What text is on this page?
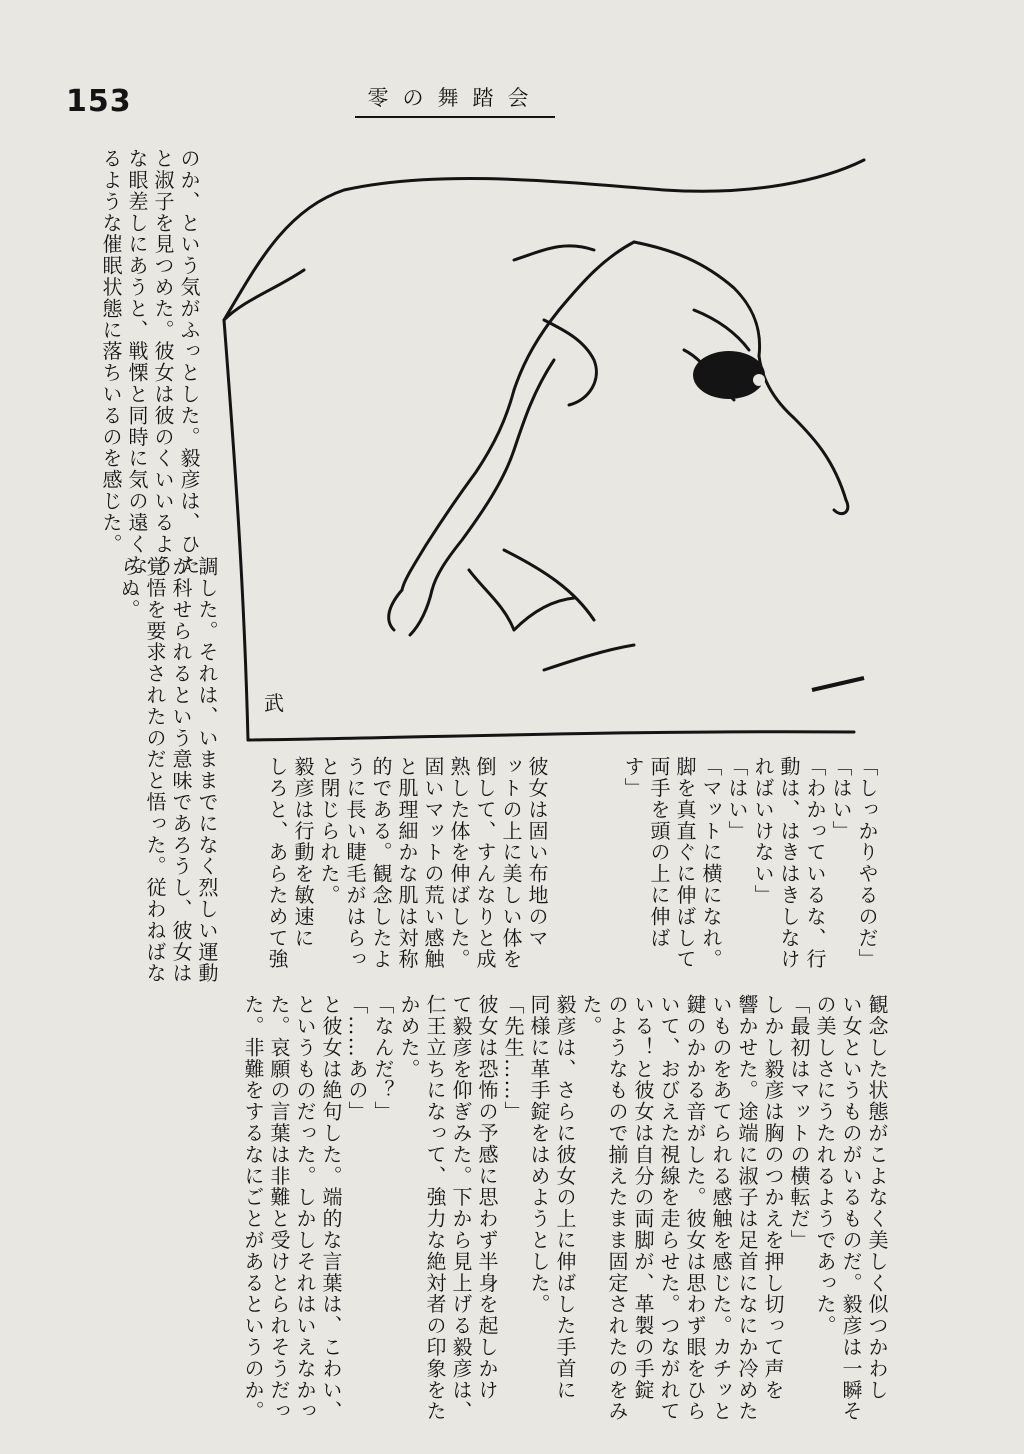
153	零の舞踏会

のか、という気がふっとした。毅彦は、ひた

と淑子を見つめた。彼女は彼のくいいるよう

な眼差しにあうと、戦慄と同時に気の遠くな

るような催眠状態に落ちいるのを感じた。

武

「しっかりやるのだ」

「はい」

「わかっているな、行

動は、はきはきしなけ

ればいけない」

「はい」

「マットに横になれ。

脚を真直ぐに伸ばして

両手を頭の上に伸ば

す」

彼女は固い布地のマ

ットの上に美しい体を

倒して、すんなりと成

熟した体を伸ばした。

固いマットの荒い感触

と肌理細かな肌は対称

的である。観念したよ

うに長い睫毛がはらっ

と閉じられた。

毅彦は行動を敏速に

しろと、あらためて強

調した。それは、いままでになく烈しい運動

が科せられるという意味であろうし、彼女は

覚悟を要求されたのだと悟った。従わねばな

らぬ。

観念した状態がこよなく美しく似つかわし

い女というものがいるものだ。毅彦は一瞬そ

の美しさにうたれるようであった。

「最初はマットの横転だ」

しかし毅彦は胸のつかえを押し切って声を

響かせた。途端に淑子は足首になにか冷めた

いものをあてられる感触を感じた。カチッと

鍵のかかる音がした。彼女は思わず眼をひら

いて、おびえた視線を走らせた。つながれて

いる！と彼女は自分の両脚が、革製の手錠

のようなもので揃えたまま固定されたのをみ

た。

毅彦は、さらに彼女の上に伸ばした手首に

同様に革手錠をはめようとした。

「先生……」

彼女は恐怖の予感に思わず半身を起しかけ

て毅彦を仰ぎみた。下から見上げる毅彦は、

仁王立ちになって、強力な絶対者の印象をた

かめた。

「なんだ？」

「……あの」

と彼女は絶句した。端的な言葉は、こわい、

というものだった。しかしそれはいえなかっ

た。哀願の言葉は非難と受けとられそうだっ

た。非難をするなにごとがあるというのか。
